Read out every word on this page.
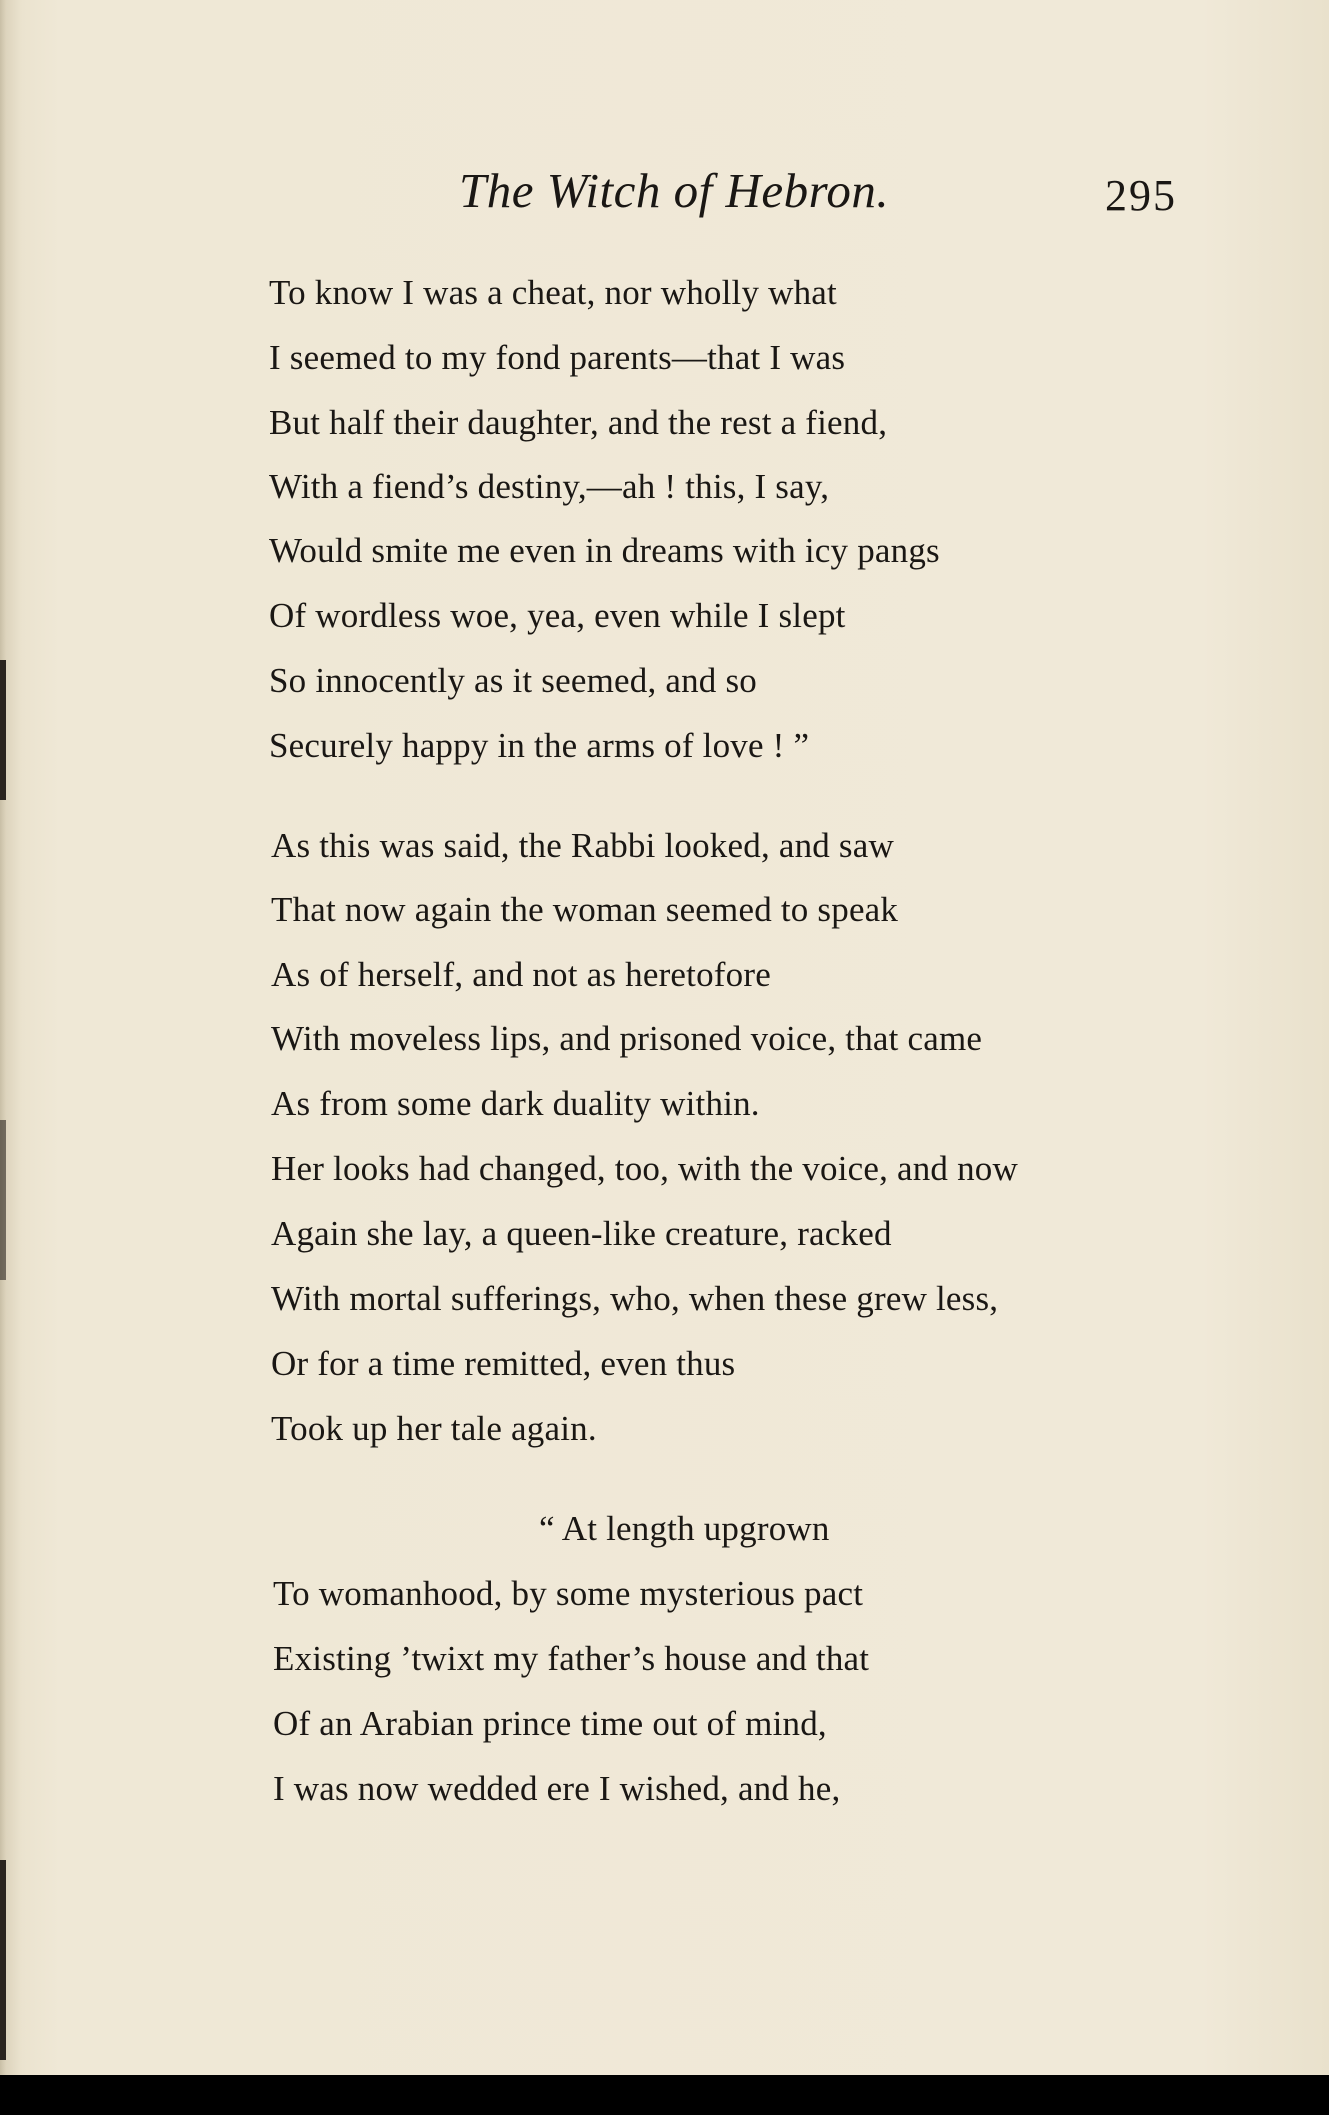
The Witch of Hebron.	295
To know I was a cheat, nor wholly what
I seemed to my fond parents—that I was
But half their daughter, and the rest a fiend,
With a fiend’s destiny,—ah ! this, I say,
Would smite me even in dreams with icy pangs
Of wordless woe, yea, even while I slept
So innocently as it seemed, and so
Securely happy in the arms of love ! ”
As this was said, the Rabbi looked, and saw
That now again the woman seemed to speak
As of herself, and not as heretofore
With moveless lips, and prisoned voice, that came
As from some dark duality within.
Her looks had changed, too, with the voice, and now
Again she lay, a queen-like creature, racked
With mortal sufferings, who, when these grew less,
Or for a time remitted, even thus
Took up her tale again.
“ At length upgrown
To womanhood, by some mysterious pact
Existing ’twixt my father’s house and that
Of an Arabian prince time out of mind,
I was now wedded ere I wished, and he,
